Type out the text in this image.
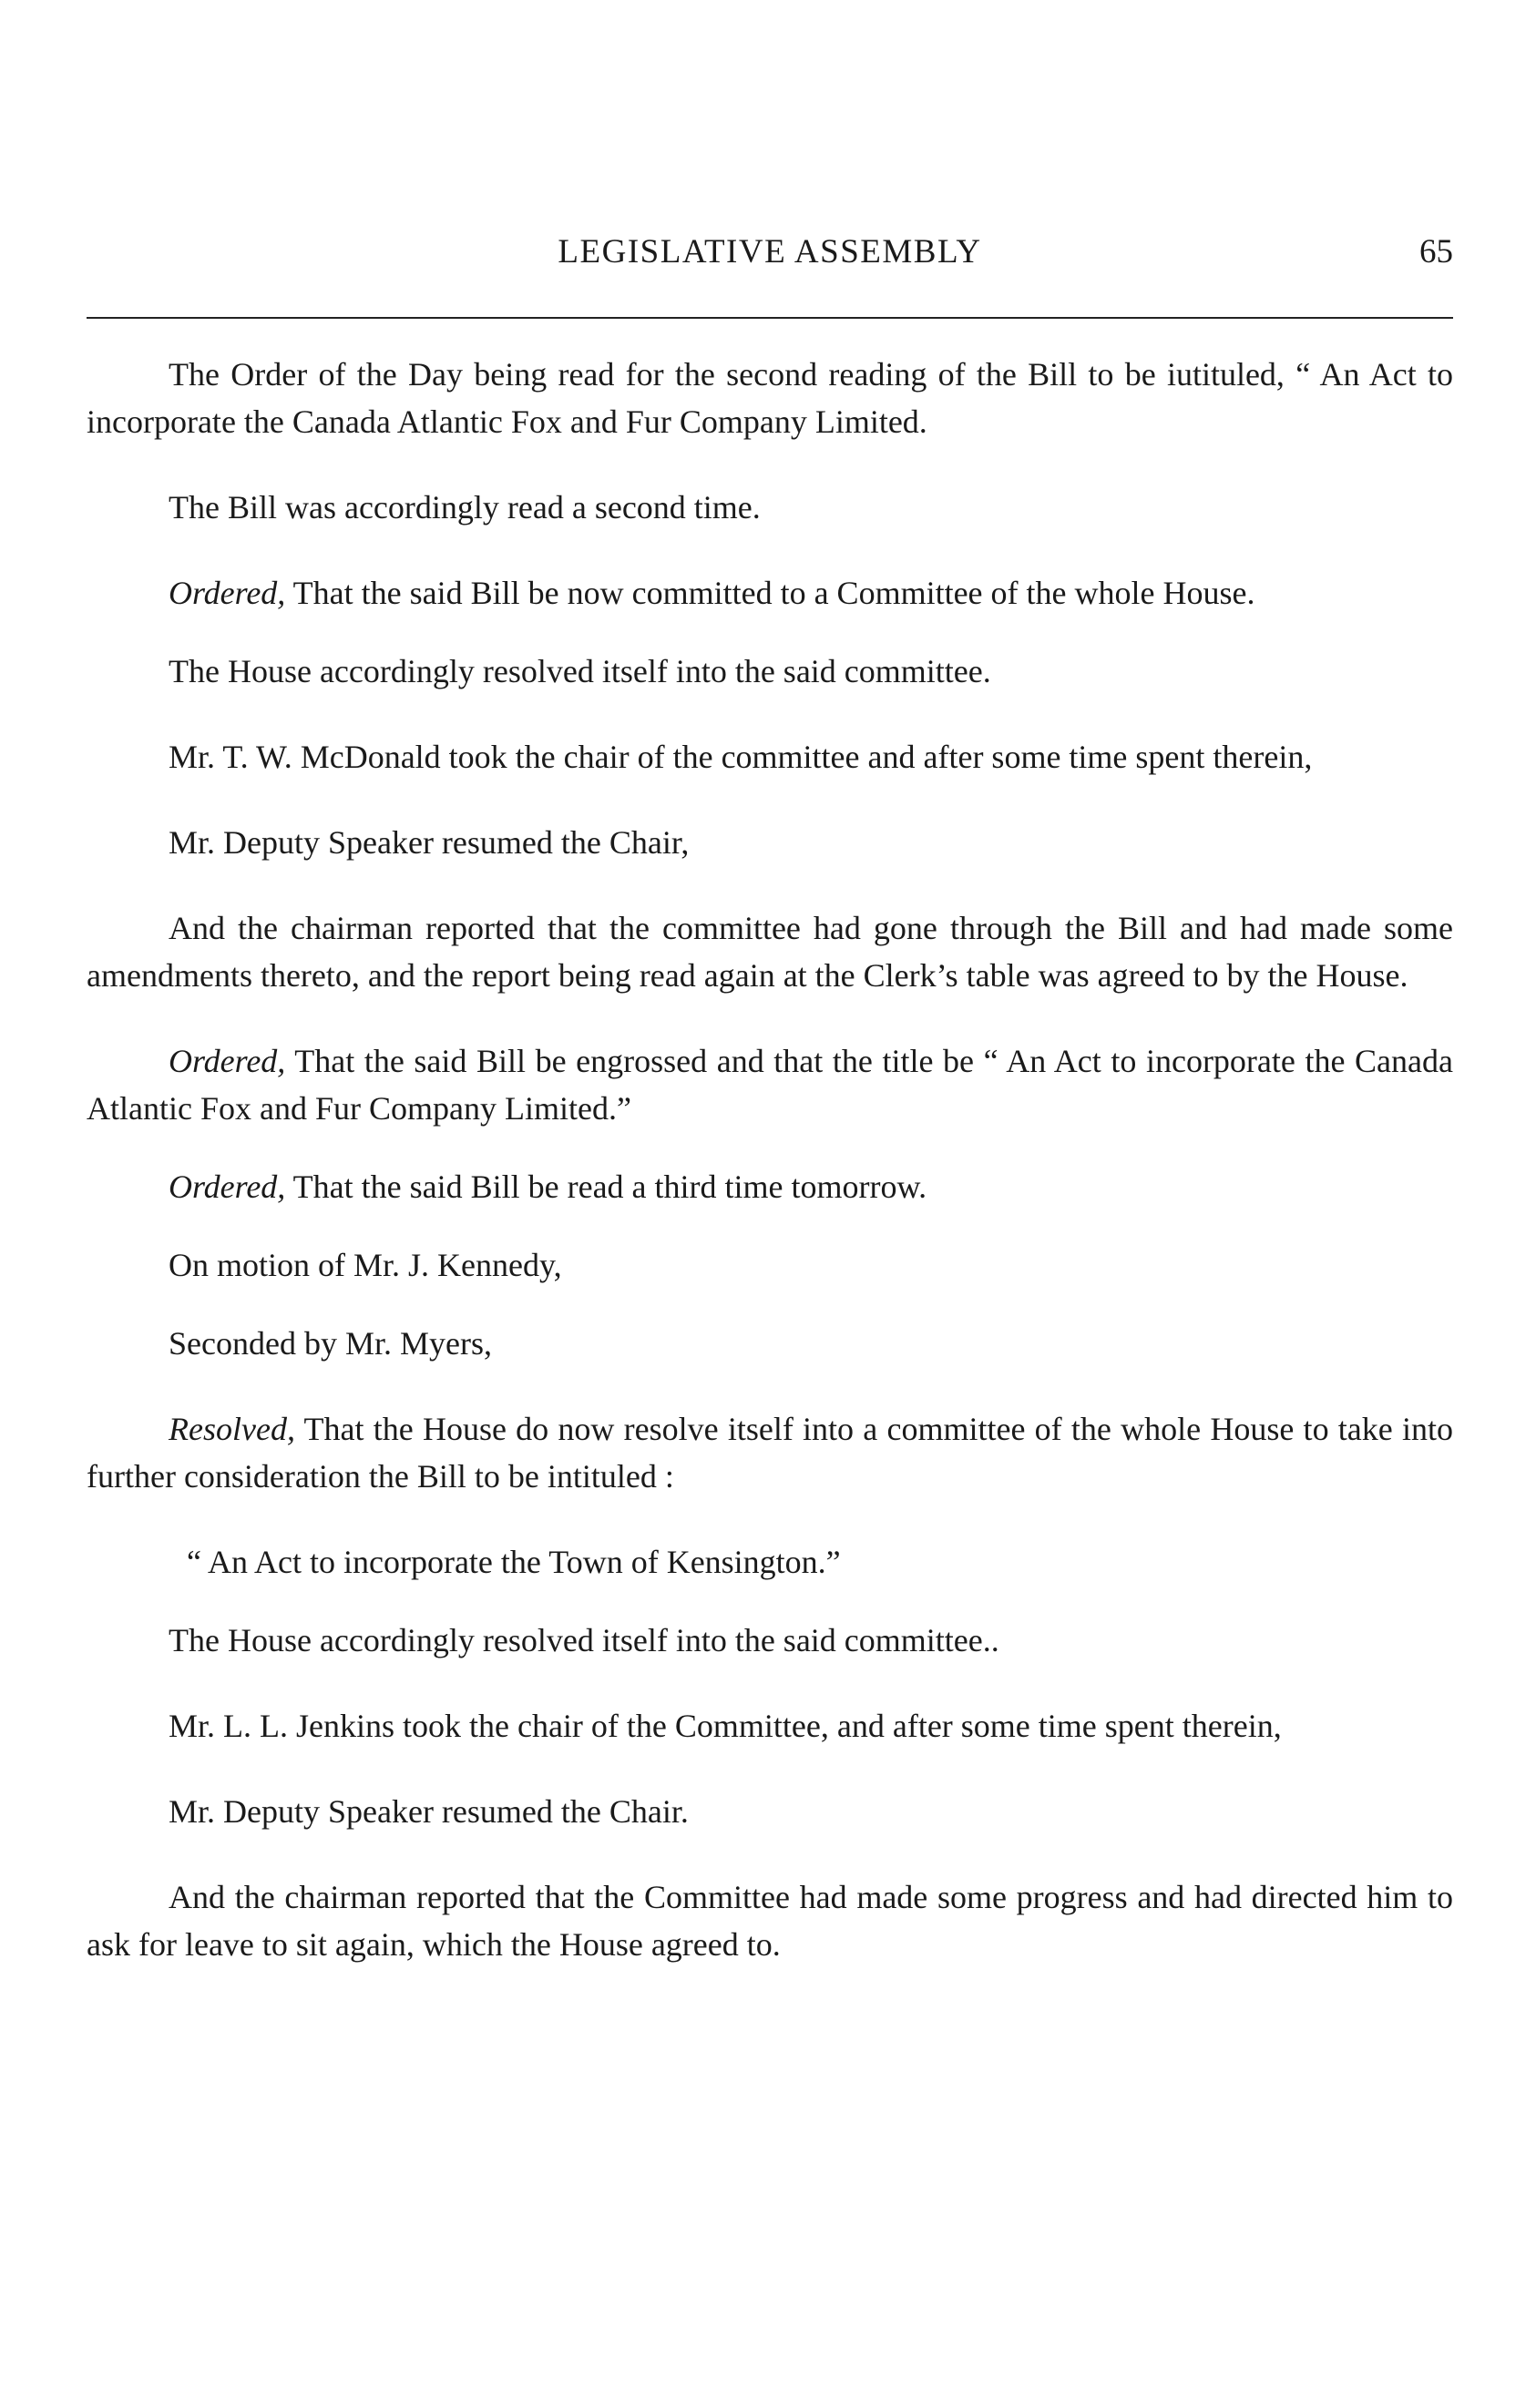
LEGISLATIVE ASSEMBLY	65

The Order of the Day being read for the second reading of the Bill to be iutituled, “ An Act to incorporate the Canada Atlantic Fox and Fur Company Limited.

The Bill was accordingly read a second time.

Ordered, That the said Bill be now committed to a Committee of the whole House.

The House accordingly resolved itself into the said committee.

Mr. T. W. McDonald took the chair of the committee and after some time spent therein,

Mr. Deputy Speaker resumed the Chair,

And the chairman reported that the committee had gone through the Bill and had made some amendments thereto, and the report being read again at the Clerk’s table was agreed to by the House.

Ordered, That the said Bill be engrossed and that the title be “ An Act to incorporate the Canada Atlantic Fox and Fur Company Limited.”

Ordered, That the said Bill be read a third time tomorrow.

On motion of Mr. J. Kennedy,

Seconded by Mr. Myers,

Resolved, That the House do now resolve itself into a committee of the whole House to take into further consideration the Bill to be intituled :

“ An Act to incorporate the Town of Kensington.”

The House accordingly resolved itself into the said committee..

Mr. L. L. Jenkins took the chair of the Committee, and after some time spent therein,

Mr. Deputy Speaker resumed the Chair.

And the chairman reported that the Committee had made some progress and had directed him to ask for leave to sit again, which the House agreed to.
